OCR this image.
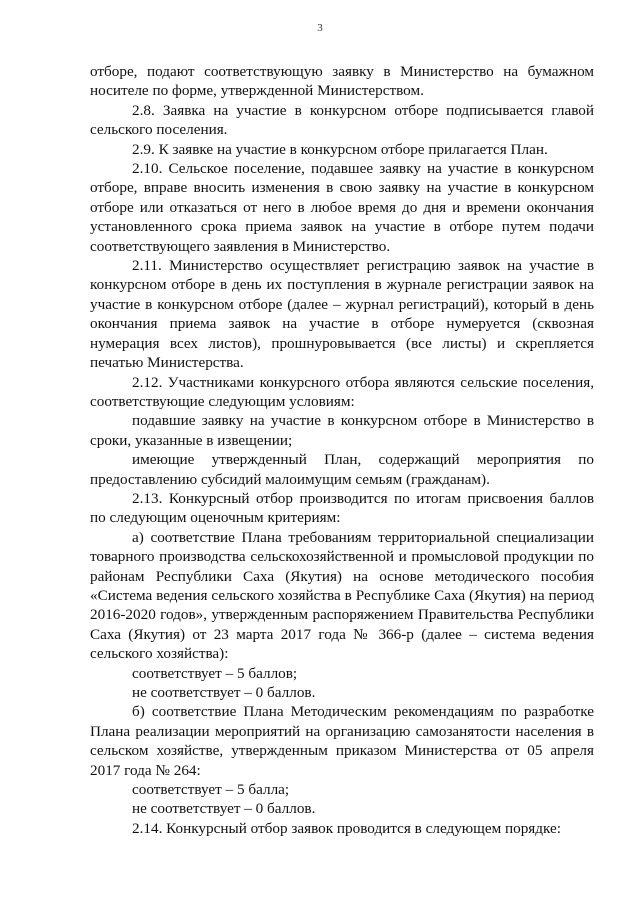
3

отборе, подают соответствующую заявку в Министерство на бумажном носителе по форме, утвержденной Министерством.

2.8. Заявка на участие в конкурсном отборе подписывается главой сельского поселения.

2.9. К заявке на участие в конкурсном отборе прилагается План.

2.10. Сельское поселение, подавшее заявку на участие в конкурсном отборе, вправе вносить изменения в свою заявку на участие в конкурсном отборе или отказаться от него в любое время до дня и времени окончания установленного срока приема заявок на участие в отборе путем подачи соответствующего заявления в Министерство.

2.11. Министерство осуществляет регистрацию заявок на участие в конкурсном отборе в день их поступления в журнале регистрации заявок на участие в конкурсном отборе (далее – журнал регистраций), который в день окончания приема заявок на участие в отборе нумеруется (сквозная нумерация всех листов), прошнуровывается (все листы) и скрепляется печатью Министерства.

2.12. Участниками конкурсного отбора являются сельские поселения, соответствующие следующим условиям:

подавшие заявку на участие в конкурсном отборе в Министерство в сроки, указанные в извещении;

имеющие утвержденный План, содержащий мероприятия по предоставлению субсидий малоимущим семьям (гражданам).

2.13. Конкурсный отбор производится по итогам присвоения баллов по следующим оценочным критериям:

а) соответствие Плана требованиям территориальной специализации товарного производства сельскохозяйственной и промысловой продукции по районам Республики Саха (Якутия) на основе методического пособия «Система ведения сельского хозяйства в Республике Саха (Якутия) на период 2016-2020 годов», утвержденным распоряжением Правительства Республики Саха (Якутия) от 23 марта 2017 года № 366-р (далее – система ведения сельского хозяйства):

соответствует – 5 баллов;

не соответствует – 0 баллов.

б) соответствие Плана Методическим рекомендациям по разработке Плана реализации мероприятий на организацию самозанятости населения в сельском хозяйстве, утвержденным приказом Министерства от 05 апреля 2017 года № 264:

соответствует – 5 балла;

не соответствует – 0 баллов.

2.14. Конкурсный отбор заявок проводится в следующем порядке:
